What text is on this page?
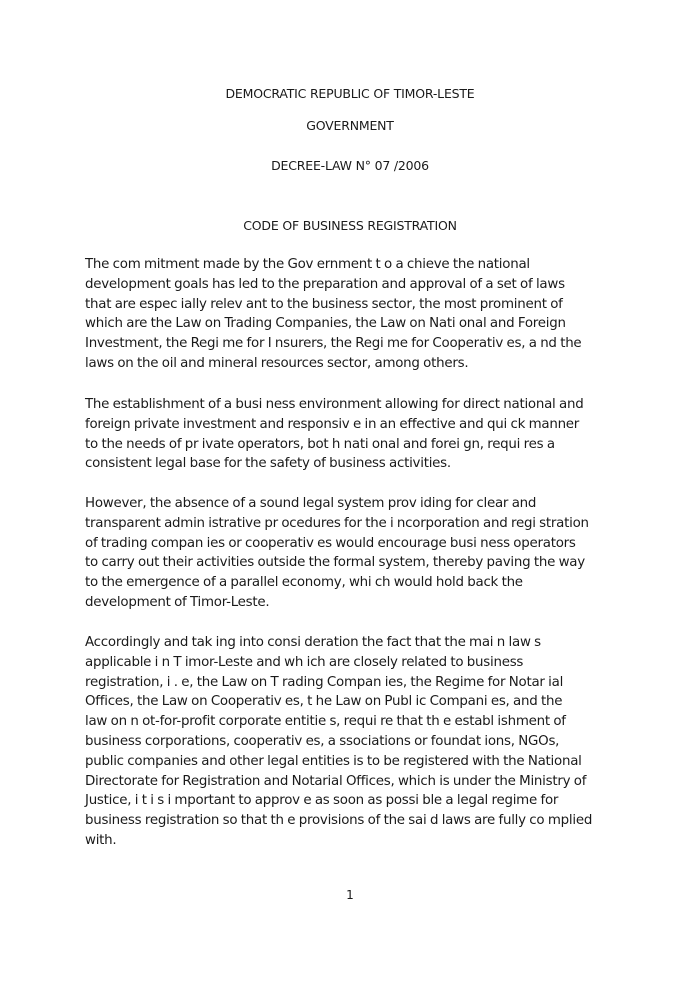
DEMOCRATIC REPUBLIC OF TIMOR-LESTE
GOVERNMENT
DECREE-LAW N° 07 /2006
CODE OF BUSINESS REGISTRATION
The com mitment made by the Gov ernment t o a chieve the national
development goals has led to the preparation and approval of a set of laws
that are espec ially relev ant to the business sector, the most prominent of
which are the Law on Trading Companies, the Law on Nati onal and Foreign
Investment, the Regi me for I nsurers, the Regi me for Cooperativ es, a nd the
laws on the oil and mineral resources sector, among others.
The establishment of a busi ness environment allowing for direct national and
foreign private investment and responsiv e in an effective and qui ck manner
to the needs of pr ivate operators, bot h nati onal and forei gn, requi res a
consistent legal base for the safety of business activities.
However, the absence of a sound legal system prov iding for clear and
transparent admin istrative pr ocedures for the i ncorporation and regi stration
of trading compan ies or cooperativ es would encourage busi ness operators
to carry out their activities outside the formal system, thereby paving the way
to the emergence of a parallel economy, whi ch would hold back the
development of Timor-Leste.
Accordingly and tak ing into consi deration the fact that the mai n law s
applicable i n T imor-Leste and wh ich are closely related to business
registration, i . e, the Law on T rading Compan ies, the Regime for Notar ial
Offices, the Law on Cooperativ es, t he Law on Publ ic Compani es, and the
law on n ot-for-profit corporate entitie s, requi re that th e establ ishment of
business corporations, cooperativ es, a ssociations or foundat ions, NGOs,
public companies and other legal entities is to be registered with the National
Directorate for Registration and Notarial Offices, which is under the Ministry of
Justice, i t i s i mportant to approv e as soon as possi ble a legal regime for
business registration so that th e provisions of the sai d laws are fully co mplied
with.
1
